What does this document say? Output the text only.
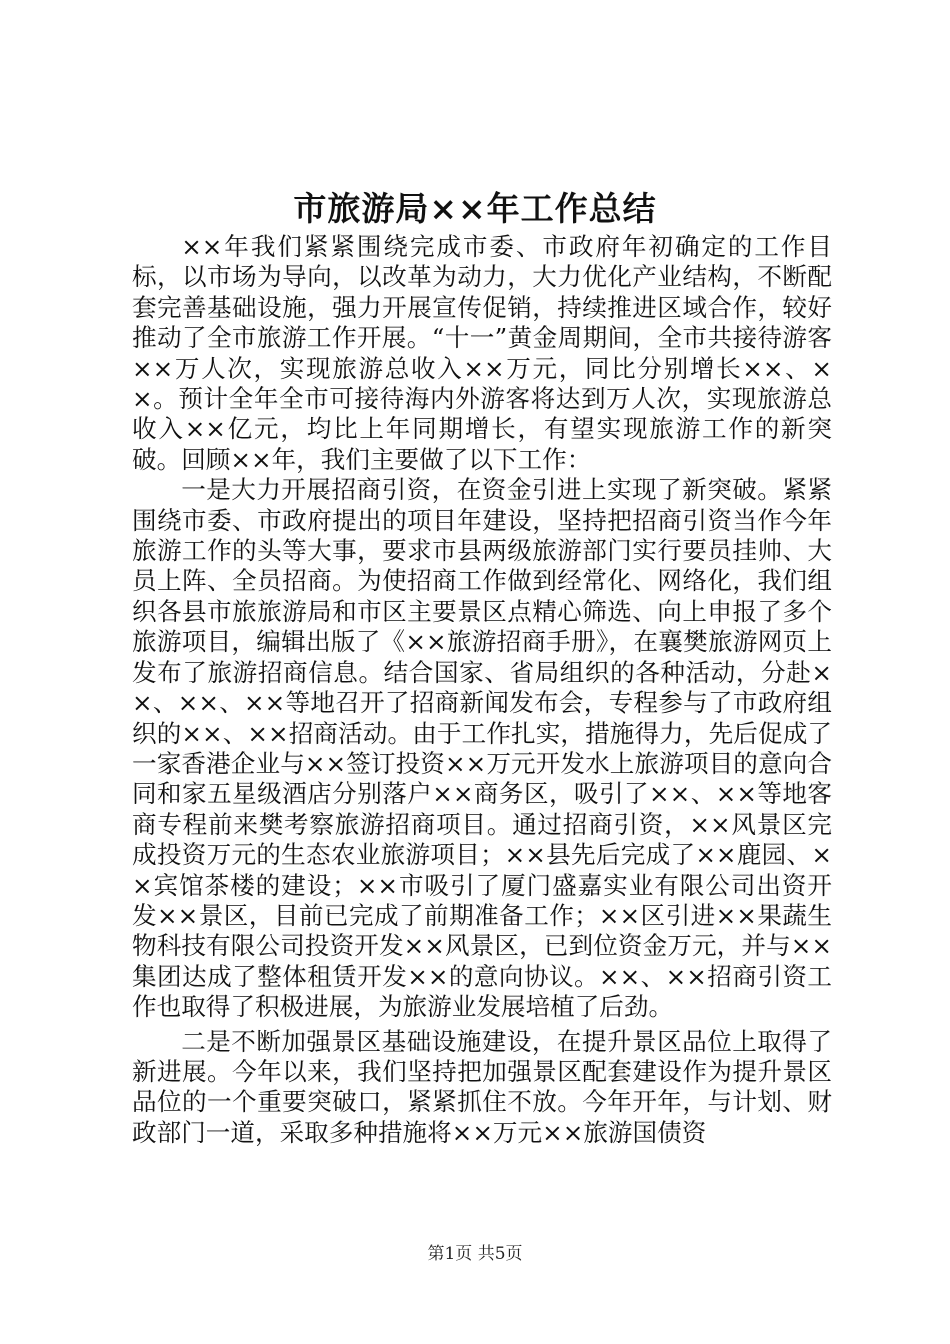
市旅游局××年工作总结

××年我们紧紧围绕完成市委、市政府年初确定的工作目标，以市场为导向，以改革为动力，大力优化产业结构，不断配套完善基础设施，强力开展宣传促销，持续推进区域合作，较好推动了全市旅游工作开展。“十一”黄金周期间，全市共接待游客××万人次，实现旅游总收入××万元，同比分别增长××、××。预计全年全市可接待海内外游客将达到万人次，实现旅游总收入××亿元，均比上年同期增长，有望实现旅游工作的新突破。回顾××年，我们主要做了以下工作：

一是大力开展招商引资，在资金引进上实现了新突破。紧紧围绕市委、市政府提出的项目年建设，坚持把招商引资当作今年旅游工作的头等大事，要求市县两级旅游部门实行要员挂帅、大员上阵、全员招商。为使招商工作做到经常化、网络化，我们组织各县市旅旅游局和市区主要景区点精心筛选、向上申报了多个旅游项目，编辑出版了《××旅游招商手册》，在襄樊旅游网页上发布了旅游招商信息。结合国家、省局组织的各种活动，分赴××、××、××等地召开了招商新闻发布会，专程参与了市政府组织的××、××招商活动。由于工作扎实，措施得力，先后促成了一家香港企业与××签订投资××万元开发水上旅游项目的意向合同和家五星级酒店分别落户××商务区，吸引了××、××等地客商专程前来樊考察旅游招商项目。通过招商引资，××风景区完成投资万元的生态农业旅游项目；××县先后完成了××鹿园、××宾馆茶楼的建设；××市吸引了厦门盛嘉实业有限公司出资开发××景区，目前已完成了前期准备工作；××区引进××果蔬生物科技有限公司投资开发××风景区，已到位资金万元，并与××集团达成了整体租赁开发××的意向协议。××、××招商引资工作也取得了积极进展，为旅游业发展培植了后劲。

二是不断加强景区基础设施建设，在提升景区品位上取得了新进展。今年以来，我们坚持把加强景区配套建设作为提升景区品位的一个重要突破口，紧紧抓住不放。今年开年，与计划、财政部门一道，采取多种措施将××万元××旅游国债资

第1页 共5页
